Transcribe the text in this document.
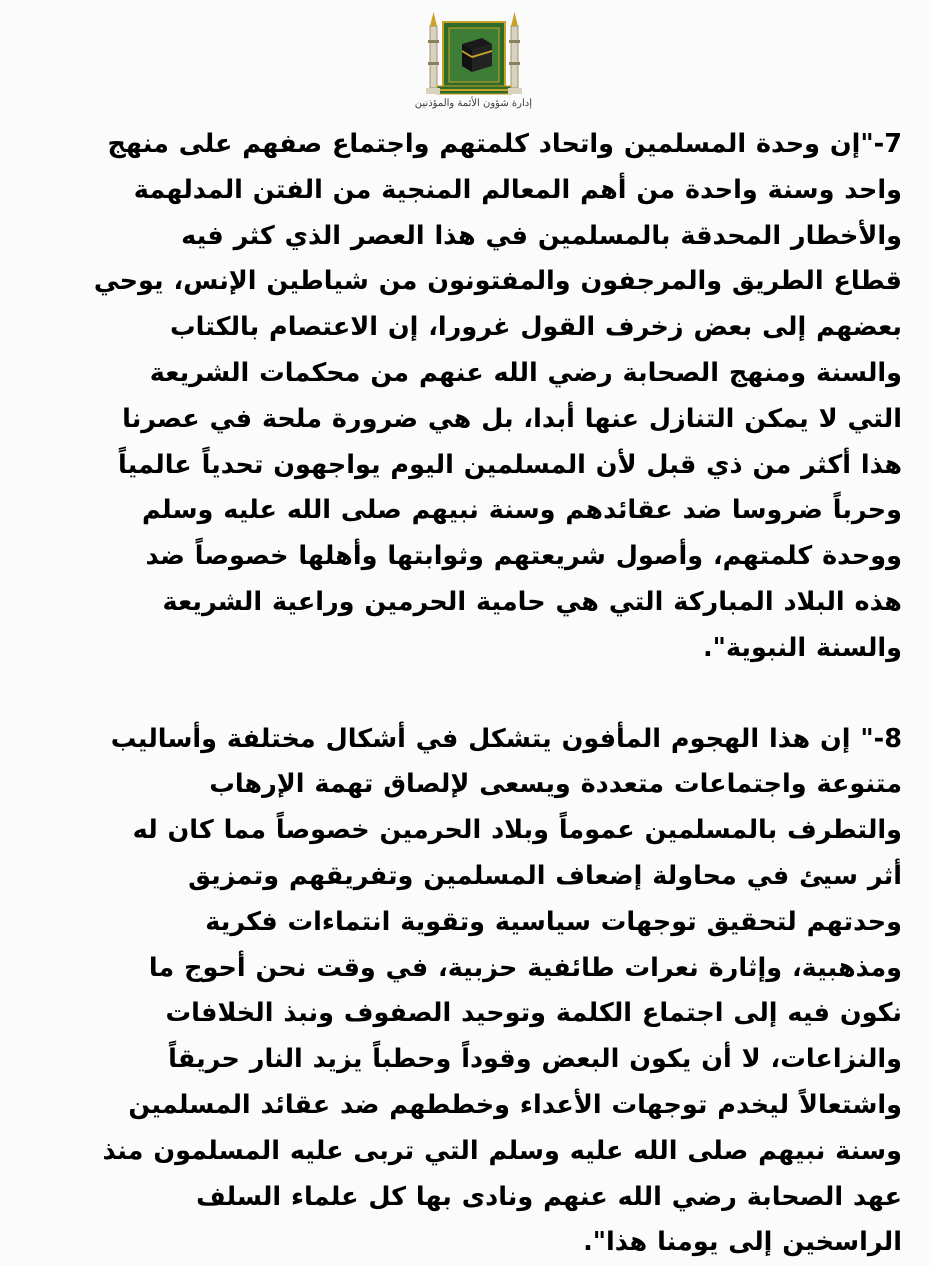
إدارة شؤون الأئمة والمؤذنين

7-"إن وحدة المسلمين واتحاد كلمتهم واجتماع صفهم على منهج
واحد وسنة واحدة من أهم المعالم المنجية من الفتن المدلهمة
والأخطار المحدقة بالمسلمين في هذا العصر الذي كثر فيه
قطاع الطريق والمرجفون والمفتونون من شياطين الإنس، يوحي
بعضهم إلى بعض زخرف القول غرورا، إن الاعتصام بالكتاب
والسنة ومنهج الصحابة رضي الله عنهم من محكمات الشريعة
التي لا يمكن التنازل عنها أبدا، بل هي ضرورة ملحة في عصرنا
هذا أكثر من ذي قبل لأن المسلمين اليوم يواجهون تحدياً عالمياً
وحرباً ضروسا ضد عقائدهم وسنة نبيهم صلى الله عليه وسلم
ووحدة كلمتهم، وأصول شريعتهم وثوابتها وأهلها خصوصاً ضد
هذه البلاد المباركة التي هي حامية الحرمين وراعية الشريعة
والسنة النبوية".

8-" إن هذا الهجوم المأفون يتشكل في أشكال مختلفة وأساليب
متنوعة واجتماعات متعددة ويسعى لإلصاق تهمة الإرهاب
والتطرف بالمسلمين عموماً وبلاد الحرمين خصوصاً مما كان له
أثر سيئ في محاولة إضعاف المسلمين وتفريقهم وتمزيق
وحدتهم لتحقيق توجهات سياسية وتقوية انتماءات فكرية
ومذهبية، وإثارة نعرات طائفية حزبية، في وقت نحن أحوج ما
نكون فيه إلى اجتماع الكلمة وتوحيد الصفوف ونبذ الخلافات
والنزاعات، لا أن يكون البعض وقوداً وحطباً يزيد النار حريقاً
واشتعالاً ليخدم توجهات الأعداء وخططهم ضد عقائد المسلمين
وسنة نبيهم صلى الله عليه وسلم التي تربى عليه المسلمون منذ
عهد الصحابة رضي الله عنهم ونادى بها كل علماء السلف
الراسخين إلى يومنا هذا".
